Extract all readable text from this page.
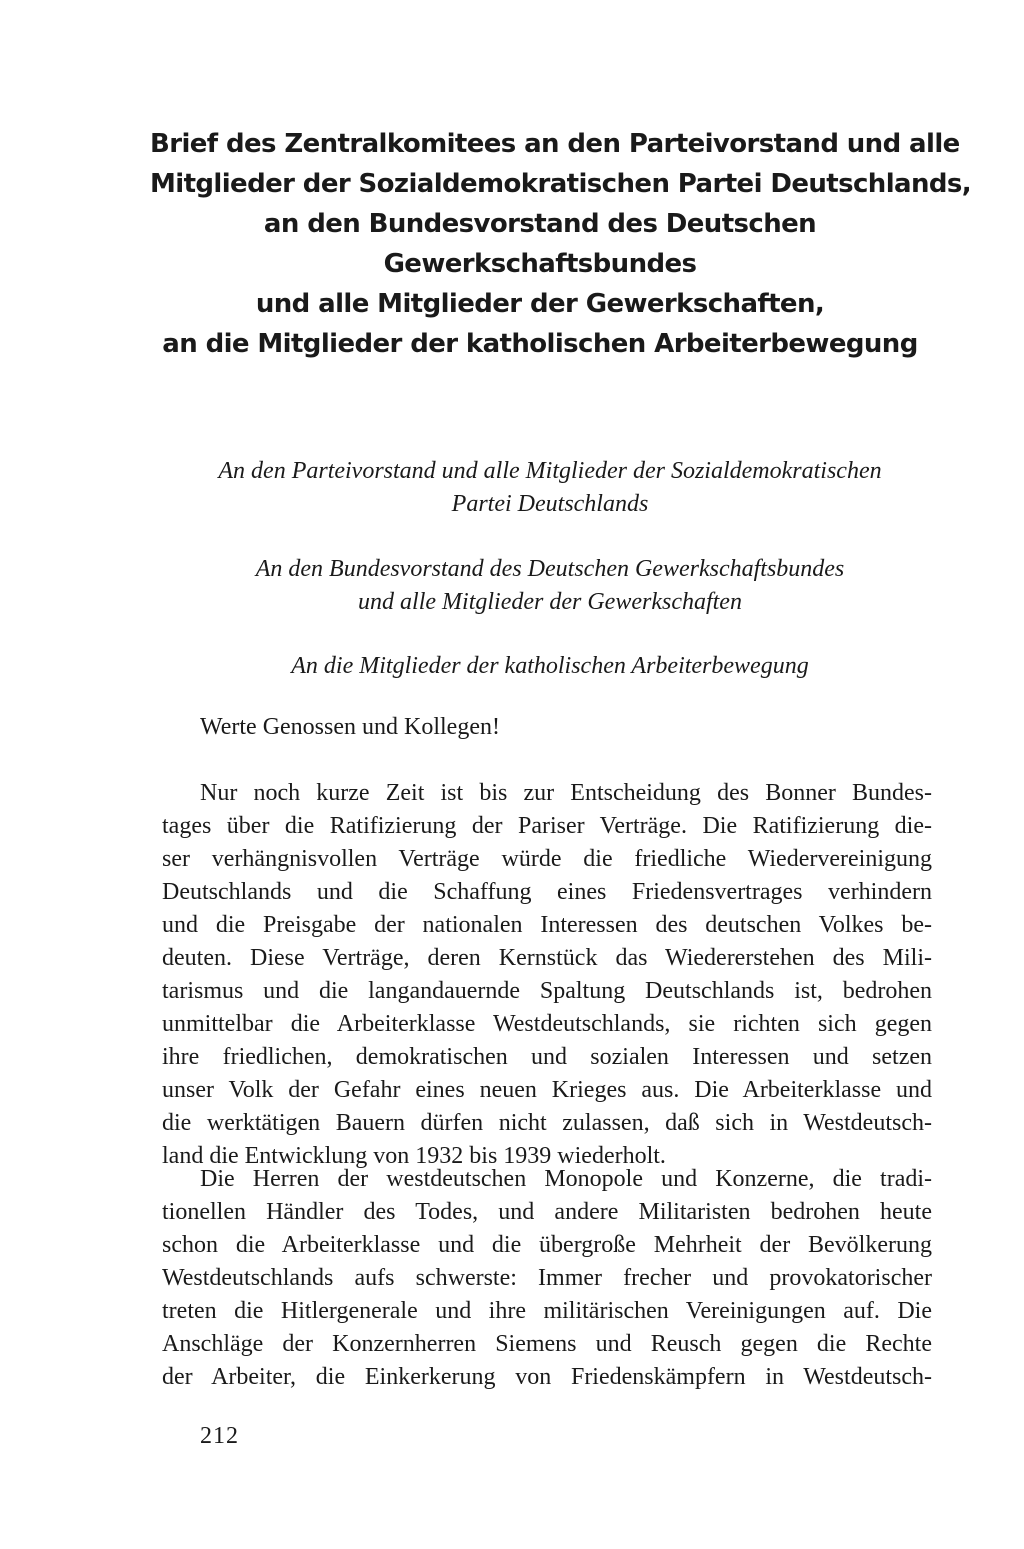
Brief des Zentralkomitees an den Parteivorstand und alle
Mitglieder der Sozialdemokratischen Partei Deutschlands,
an den Bundesvorstand des Deutschen
Gewerkschaftsbundes
und alle Mitglieder der Gewerkschaften,
an die Mitglieder der katholischen Arbeiterbewegung
An den Parteivorstand und alle Mitglieder der Sozialdemokratischen
Partei Deutschlands
An den Bundesvorstand des Deutschen Gewerkschaftsbundes
und alle Mitglieder der Gewerkschaften
An die Mitglieder der katholischen Arbeiterbewegung
Werte Genossen und Kollegen!
Nur noch kurze Zeit ist bis zur Entscheidung des Bonner Bundes-
tages über die Ratifizierung der Pariser Verträge. Die Ratifizierung die-
ser verhängnisvollen Verträge würde die friedliche Wiedervereinigung
Deutschlands und die Schaffung eines Friedensvertrages verhindern
und die Preisgabe der nationalen Interessen des deutschen Volkes be-
deuten. Diese Verträge, deren Kernstück das Wiedererstehen des Mili-
tarismus und die langandauernde Spaltung Deutschlands ist, bedrohen
unmittelbar die Arbeiterklasse Westdeutschlands, sie richten sich gegen
ihre friedlichen, demokratischen und sozialen Interessen und setzen
unser Volk der Gefahr eines neuen Krieges aus. Die Arbeiterklasse und
die werktätigen Bauern dürfen nicht zulassen, daß sich in Westdeutsch-
land die Entwicklung von 1932 bis 1939 wiederholt.
Die Herren der westdeutschen Monopole und Konzerne, die tradi-
tionellen Händler des Todes, und andere Militaristen bedrohen heute
schon die Arbeiterklasse und die übergroße Mehrheit der Bevölkerung
Westdeutschlands aufs schwerste: Immer frecher und provokatorischer
treten die Hitlergenerale und ihre militärischen Vereinigungen auf. Die
Anschläge der Konzernherren Siemens und Reusch gegen die Rechte
der Arbeiter, die Einkerkerung von Friedenskämpfern in Westdeutsch-
212
